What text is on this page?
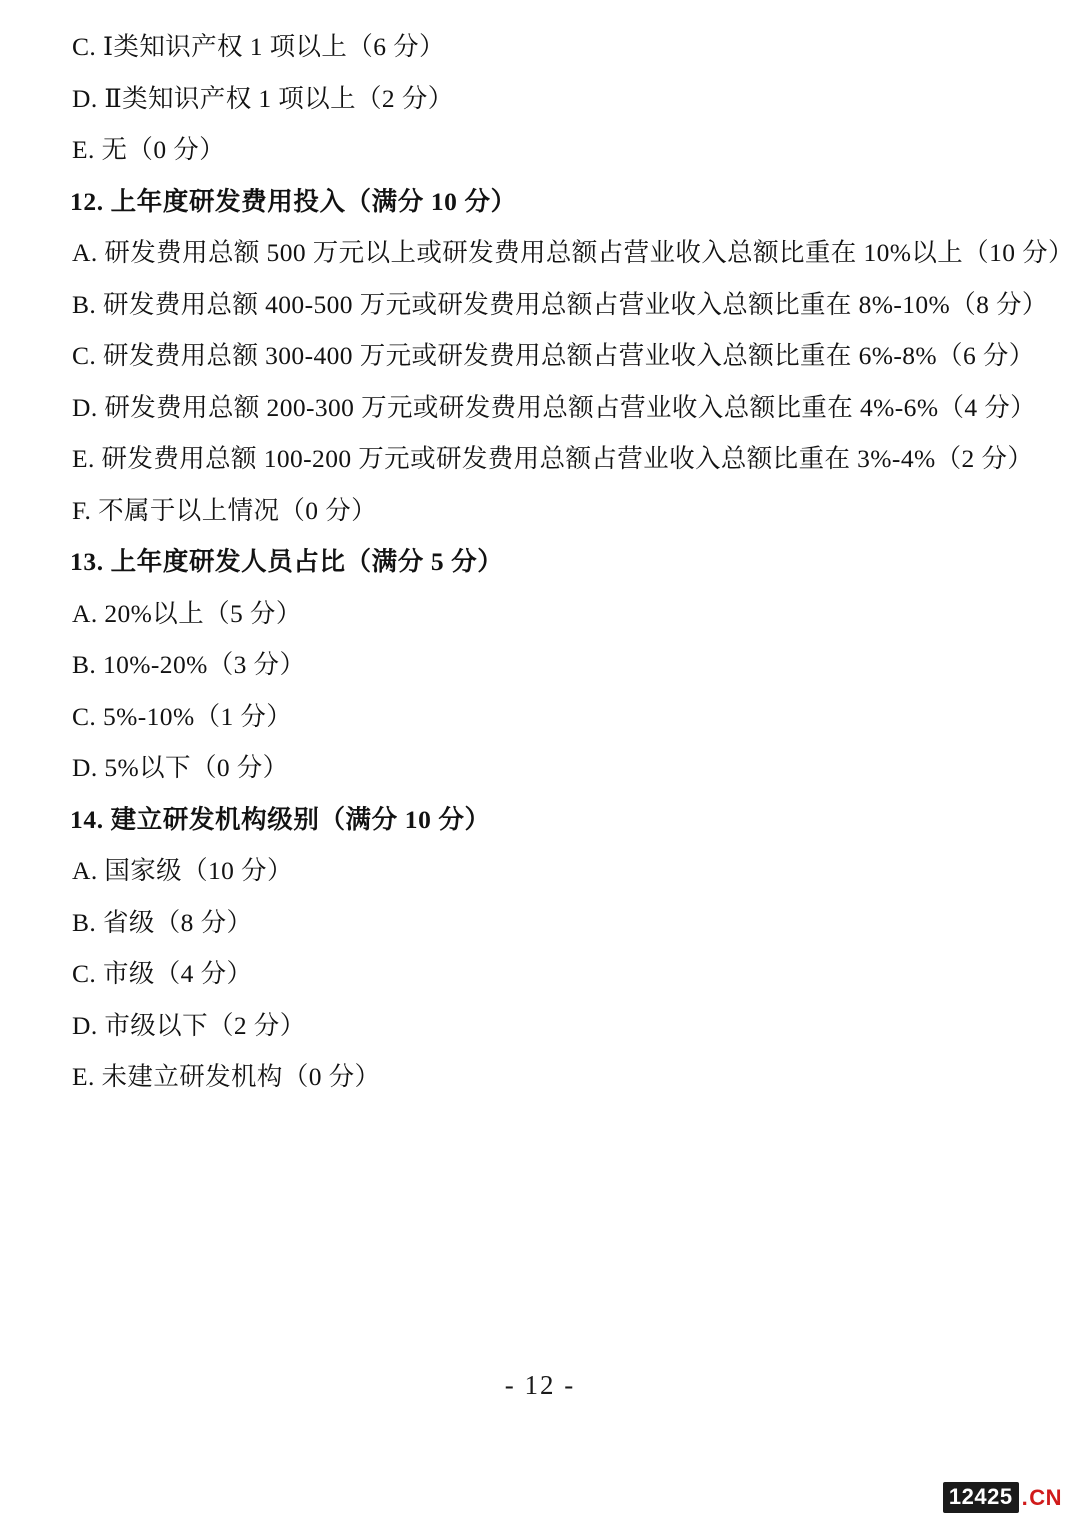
C. Ⅰ类知识产权 1 项以上（6 分）
D. Ⅱ类知识产权 1 项以上（2 分）
E. 无（0 分）
12. 上年度研发费用投入（满分 10 分）
A. 研发费用总额 500 万元以上或研发费用总额占营业收入总额比重在 10%以上（10 分）
B. 研发费用总额 400-500 万元或研发费用总额占营业收入总额比重在 8%-10%（8 分）
C. 研发费用总额 300-400 万元或研发费用总额占营业收入总额比重在 6%-8%（6 分）
D. 研发费用总额 200-300 万元或研发费用总额占营业收入总额比重在 4%-6%（4 分）
E. 研发费用总额 100-200 万元或研发费用总额占营业收入总额比重在 3%-4%（2 分）
F. 不属于以上情况（0 分）
13. 上年度研发人员占比（满分 5 分）
A. 20%以上（5 分）
B. 10%-20%（3 分）
C. 5%-10%（1 分）
D. 5%以下（0 分）
14. 建立研发机构级别（满分 10 分）
A. 国家级（10 分）
B. 省级（8 分）
C. 市级（4 分）
D. 市级以下（2 分）
E. 未建立研发机构（0 分）
- 12 -
12425 . CN
